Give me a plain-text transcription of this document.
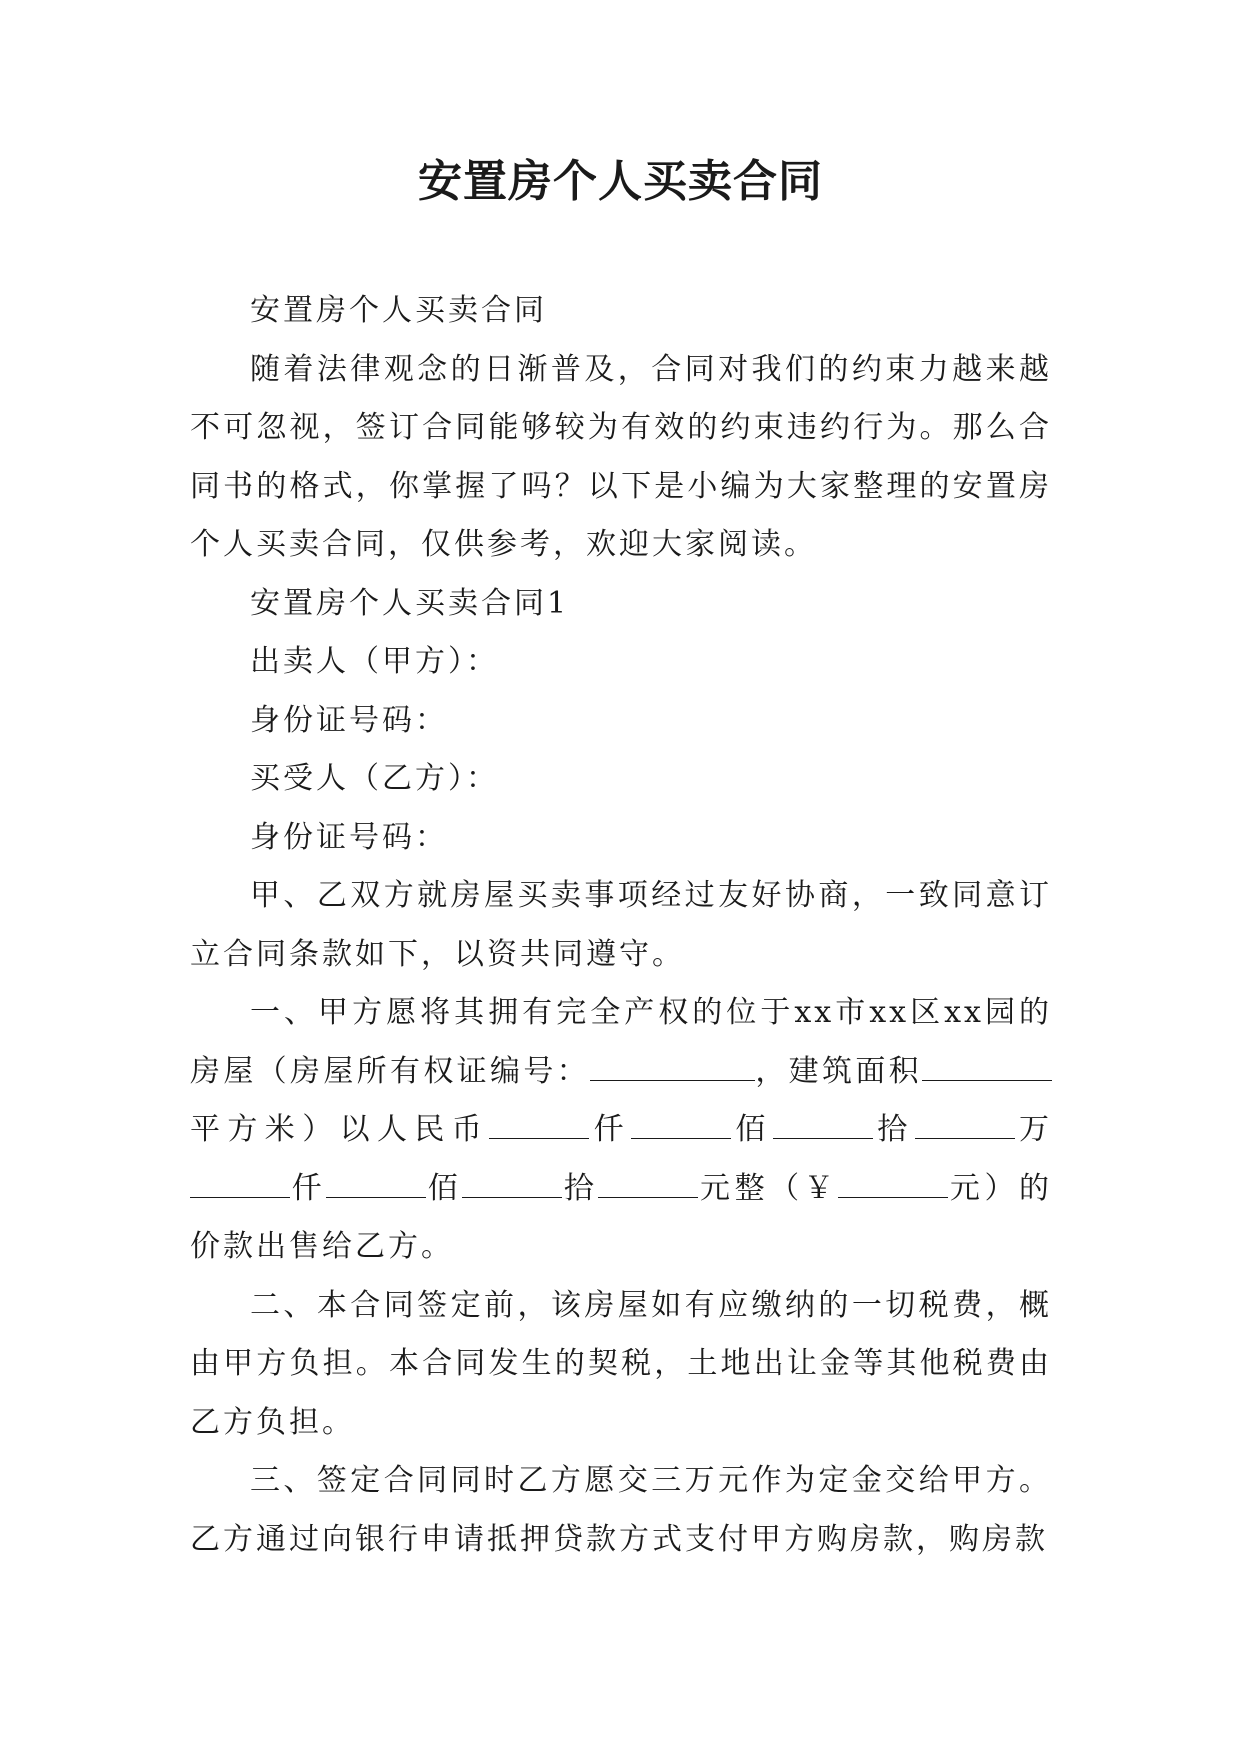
安置房个人买卖合同

安置房个人买卖合同

随着法律观念的日渐普及，合同对我们的约束力越来越不可忽视，签订合同能够较为有效的约束违约行为。那么合同书的格式，你掌握了吗？以下是小编为大家整理的安置房个人买卖合同，仅供参考，欢迎大家阅读。

安置房个人买卖合同1

出卖人（甲方）：

身份证号码：

买受人（乙方）：

身份证号码：

甲、乙双方就房屋买卖事项经过友好协商，一致同意订立合同条款如下，以资共同遵守。

一、甲方愿将其拥有完全产权的位于xx市xx区xx园的房屋（房屋所有权证编号：	，建筑面积平方米）以人民币	仟	佰	拾	万仟	佰	拾	元整（￥	元）的价款出售给乙方。

二、本合同签定前，该房屋如有应缴纳的一切税费，概由甲方负担。本合同发生的契税，土地出让金等其他税费由乙方负担。

三、签定合同同时乙方愿交三万元作为定金交给甲方。乙方通过向银行申请抵押贷款方式支付甲方购房款，购房款
